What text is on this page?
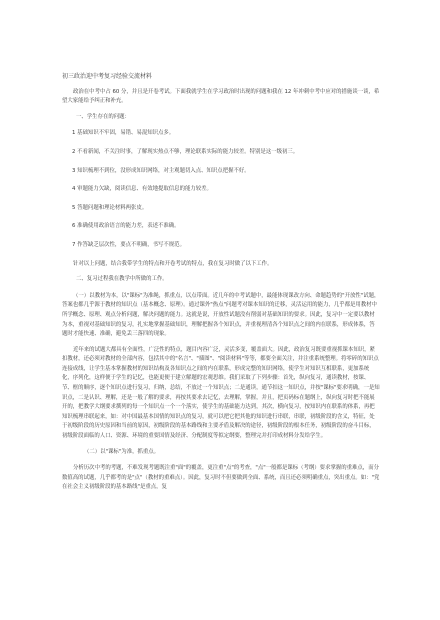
​
初三政治迎中考复习经验交流材料
政治在中考中占 60 分，并且是开卷考试。下面我就学生在学习政治时出现的问题和我在 12 年冲刺中考中应对的措施谈一谈，希望大家能给予纠正和补充。
一、学生存在的问题：
1 基础知识不牢固，易错、易混知识点多。
2 不看新闻，不关注时事，了解现实热点不够，理论联系实际的能力较差。特别是这一级初三。
3 知识梳理不到位，没形成知识网络，对主观题切入点、知识点把握不好。
4 审题能力欠缺，阅读信息、有效地提取信息的能力较差。
5 答题问题和理论材料两张皮。
6 准确使用政治语言的能力差，表述不准确。
7 作答缺乏层次性，要点不明确，书写不规范。
针对以上问题，结合我带学生的特点和开卷考试的特点，我在复习时做了以下工作。
二、复习过程我在教学中所做的工作。
（一）以教材为本，以"课标"为准绳，抓重点，以点带面。近几年的中考试题中，最能体现课改方向、命题趋势的"开放性"试题，答案也都几乎源于教材的知识点（基本概念、原理）。通过课外"热点"问题考对课本知识的迁移，灵活运用的能力，几乎都是用教材中所学概念、原理、观点分析问题，解决问题的能力。这就是说，开放性试题没有削弱对基础知识的要求。因此，复习中一定要以教材为本，重视对基础知识的复习，扎实地掌握基础知识，理解把握各个知识点，并重视理清各个知识点之间的内在联系，形成体系，答题时才能快速、准确，避免丢三落四的现象。
近年来的试题大都具有全面性，广泛性的特点，题目内容广泛，灵活多变，覆盖面大。因此，政治复习既要重视抓课本知识，紧扣教材，还必须对教材的全部内容，包括其中的"名言"、"插图"、"阅读材料"等等，都要全面关注，并注重系统整理。将零碎的知识点连接成线，让学生基本掌握教材的知识结构及各知识点之间的内在联系，形成完整的知识网络，使学生对知识互相联系，更加系统化，序列化，这样便于学生的记忆，也能更便于建立解题的宏观思维。我们采取了下列步骤：首先，纵向复习，通读教材，按课、节、框的顺序，逐个知识点进行复习，归纳，总结，不放过一个知识点；二是通读，通节扣这一知识点，并按"课标"要求明确，一是知识点，二是认识、理解，还是一般了解的要求，再按其要求去记忆，去理解，掌握，并且，把页码标在题纲上，纵向复习时把不能展开的，把教学大纲要求撰列的每一个知识点一个一个落实，使学生的基础能力达到，其次，横向复习，按知识内在联系的体系，再把知识梳理串联起来，如：对中国最基本国情的知识点的复习，就可以把它把其他的知识进行串联，串联，初级阶段的含义，特征，处于初级阶段的历史原因和当前的原因，初级阶段的基本路线和主要矛盾及解决的途径，初级阶段的根本任务，初级阶段的奋斗目标，初级阶段面临的人口、资源、环境的重要国情及经济、分配制度等拟定纲要，整理完并打印成材料分发给学生。
（二）以"课标"为准，抓重点。
分析历次中考的考题，不难发现考题既注重"面"的覆盖，更注重"点"的考查，"点"一般都是课标（考纲）要求掌握的重难点，而分数值高的试题，几乎都考的是"点"（教材的重难点）。因此，复习时不但要做到全面、系统，而且还必须明确重点，突出重点。如："党在社会主义初级阶段的基本路线"是重点，复
